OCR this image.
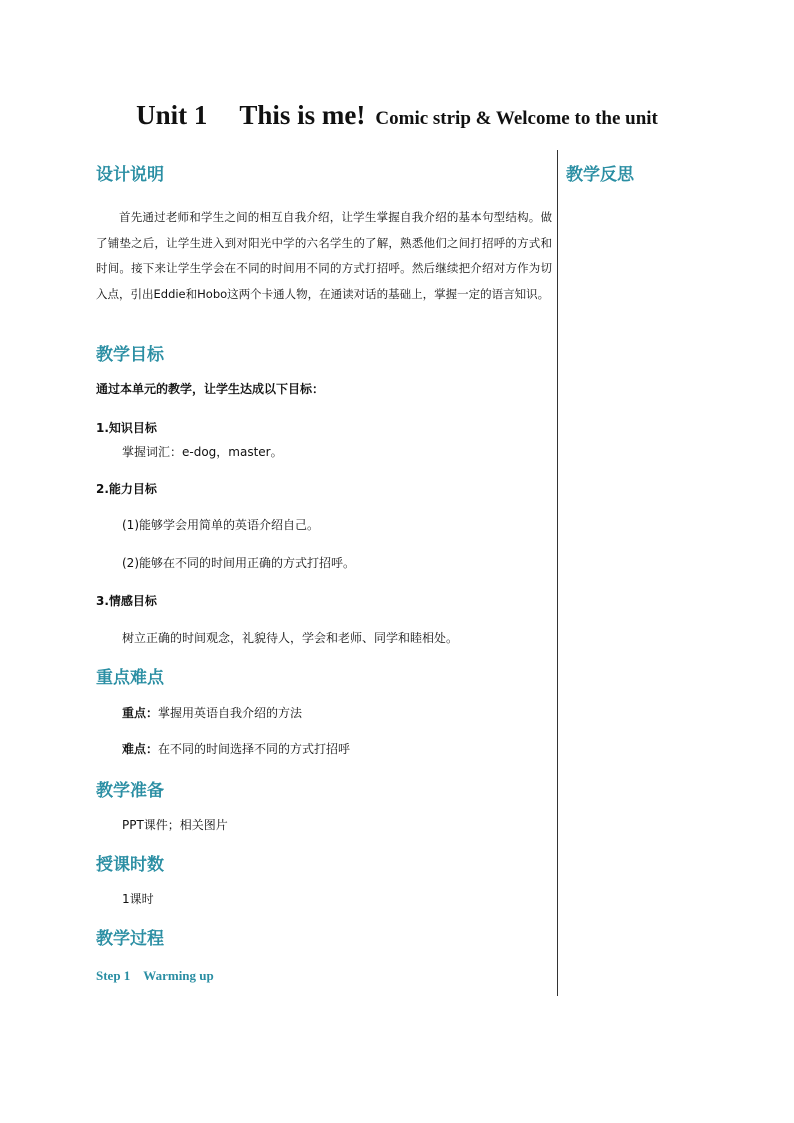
Unit 1 This is me! Comic strip & Welcome to the unit
设计说明	教学反思
首先通过老师和学生之间的相互自我介绍，让学生掌握自我介绍的基本句型结构。做了铺垫之后，让学生进入到对阳光中学的六名学生的了解，熟悉他们之间打招呼的方式和时间。接下来让学生学会在不同的时间用不同的方式打招呼。然后继续把介绍对方作为切入点，引出Eddie和Hobo这两个卡通人物，在通读对话的基础上，掌握一定的语言知识。
教学目标
通过本单元的教学，让学生达成以下目标：
1.知识目标
掌握词汇：e-dog，master。
2.能力目标
(1)能够学会用简单的英语介绍自己。
(2)能够在不同的时间用正确的方式打招呼。
3.情感目标
树立正确的时间观念，礼貌待人，学会和老师、同学和睦相处。
重点难点
重点：掌握用英语自我介绍的方法
难点：在不同的时间选择不同的方式打招呼
教学准备
PPT课件；相关图片
授课时数
1课时
教学过程
Step 1　Warming up
